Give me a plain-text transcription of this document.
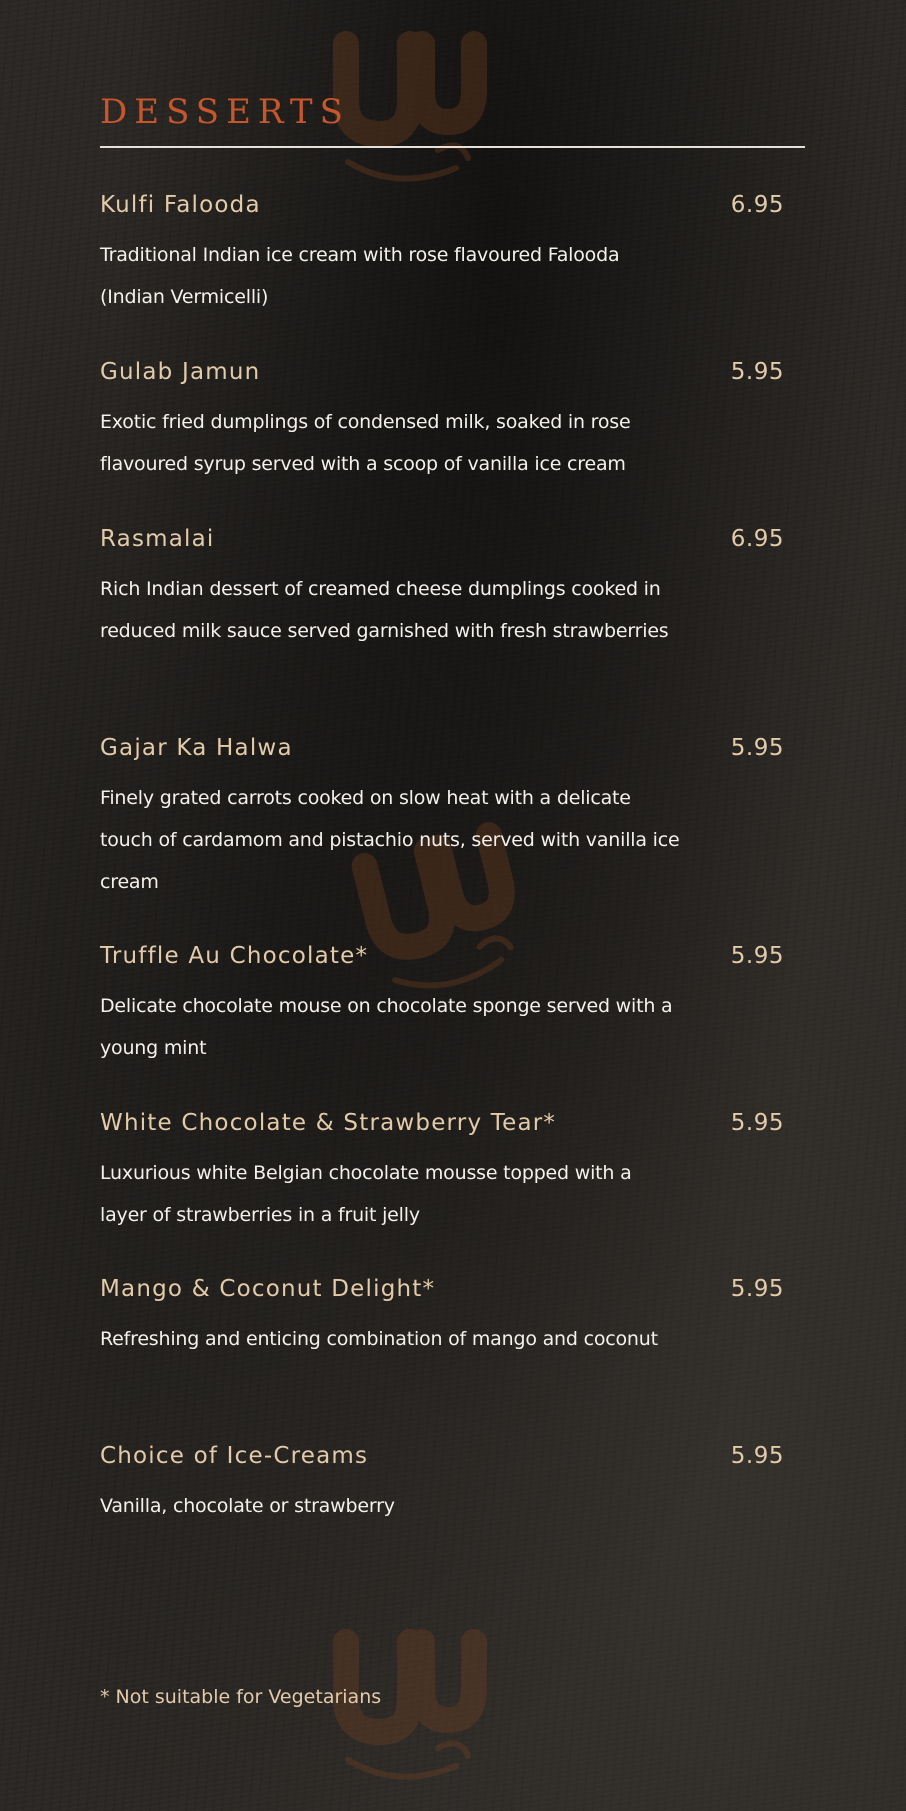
DESSERTS
Kulfi Falooda	6.95
Traditional Indian ice cream with rose flavoured Falooda (Indian Vermicelli)
Gulab Jamun	5.95
Exotic fried dumplings of condensed milk, soaked in rose flavoured syrup served with a scoop of vanilla ice cream
Rasmalai	6.95
Rich Indian dessert of creamed cheese dumplings cooked in reduced milk sauce served garnished with fresh strawberries
Gajar Ka Halwa	5.95
Finely grated carrots cooked on slow heat with a delicate touch of cardamom and pistachio nuts, served with vanilla ice cream
Truffle Au Chocolate*	5.95
Delicate chocolate mouse on chocolate sponge served with a young mint
White Chocolate & Strawberry Tear*	5.95
Luxurious white Belgian chocolate mousse topped with a layer of strawberries in a fruit jelly
Mango & Coconut Delight*	5.95
Refreshing and enticing combination of mango and coconut
Choice of Ice-Creams	5.95
Vanilla, chocolate or strawberry
* Not suitable for Vegetarians
